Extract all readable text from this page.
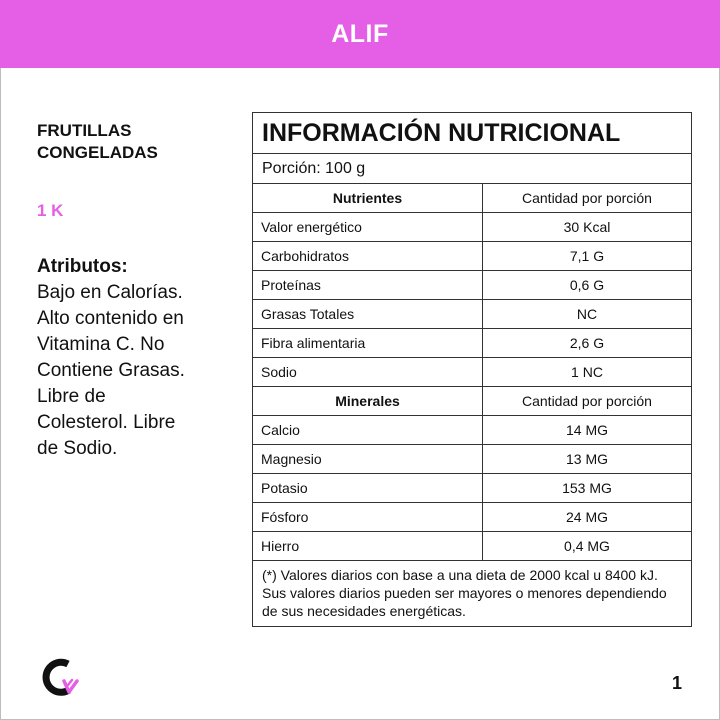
ALIF
FRUTILLAS
CONGELADAS
1 K
Atributos:
Bajo en Calorías.
Alto contenido en
Vitamina C. No
Contiene Grasas.
Libre de
Colesterol. Libre
de Sodio.
INFORMACIÓN NUTRICIONAL	
Porción: 100 g	
Nutrientes	Cantidad por porción
Valor energético	30 Kcal
Carbohidratos	7,1 G
Proteínas	0,6 G
Grasas Totales	NC
Fibra alimentaria	2,6 G
Sodio	1 NC
Minerales	Cantidad por porción
Calcio	14 MG
Magnesio	13 MG
Potasio	153 MG
Fósforo	24 MG
Hierro	0,4 MG
(*) Valores diarios con base a una dieta de 2000 kcal u 8400 kJ. Sus valores diarios pueden ser mayores o menores dependiendo de sus necesidades energéticas.	
1
